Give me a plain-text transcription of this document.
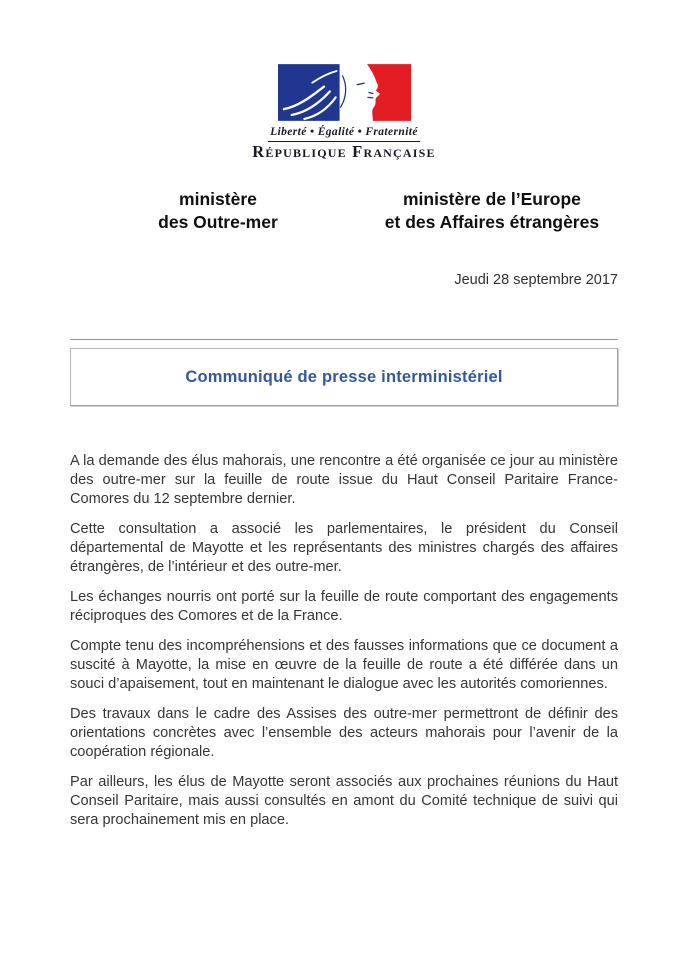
Liberté • Égalité • Fraternité
République Française
ministère
des Outre-mer
ministère de l’Europe
et des Affaires étrangères
Jeudi 28 septembre 2017
Communiqué de presse interministériel

A la demande des élus mahorais, une rencontre a été organisée ce jour au ministère des outre-mer sur la feuille de route issue du Haut Conseil Paritaire France-Comores du 12 septembre dernier.

Cette consultation a associé les parlementaires, le président du Conseil départemental de Mayotte et les représentants des ministres chargés des affaires étrangères, de l’intérieur et des outre-mer.

Les échanges nourris ont porté sur la feuille de route comportant des engagements réciproques des Comores et de la France.

Compte tenu des incompréhensions et des fausses informations que ce document a suscité à Mayotte, la mise en œuvre de la feuille de route a été différée dans un souci d’apaisement, tout en maintenant le dialogue avec les autorités comoriennes.

Des travaux dans le cadre des Assises des outre-mer permettront de définir des orientations concrètes avec l’ensemble des acteurs mahorais pour l’avenir de la coopération régionale.

Par ailleurs, les élus de Mayotte seront associés aux prochaines réunions du Haut Conseil Paritaire, mais aussi consultés en amont du Comité technique de suivi qui sera prochainement mis en place.
